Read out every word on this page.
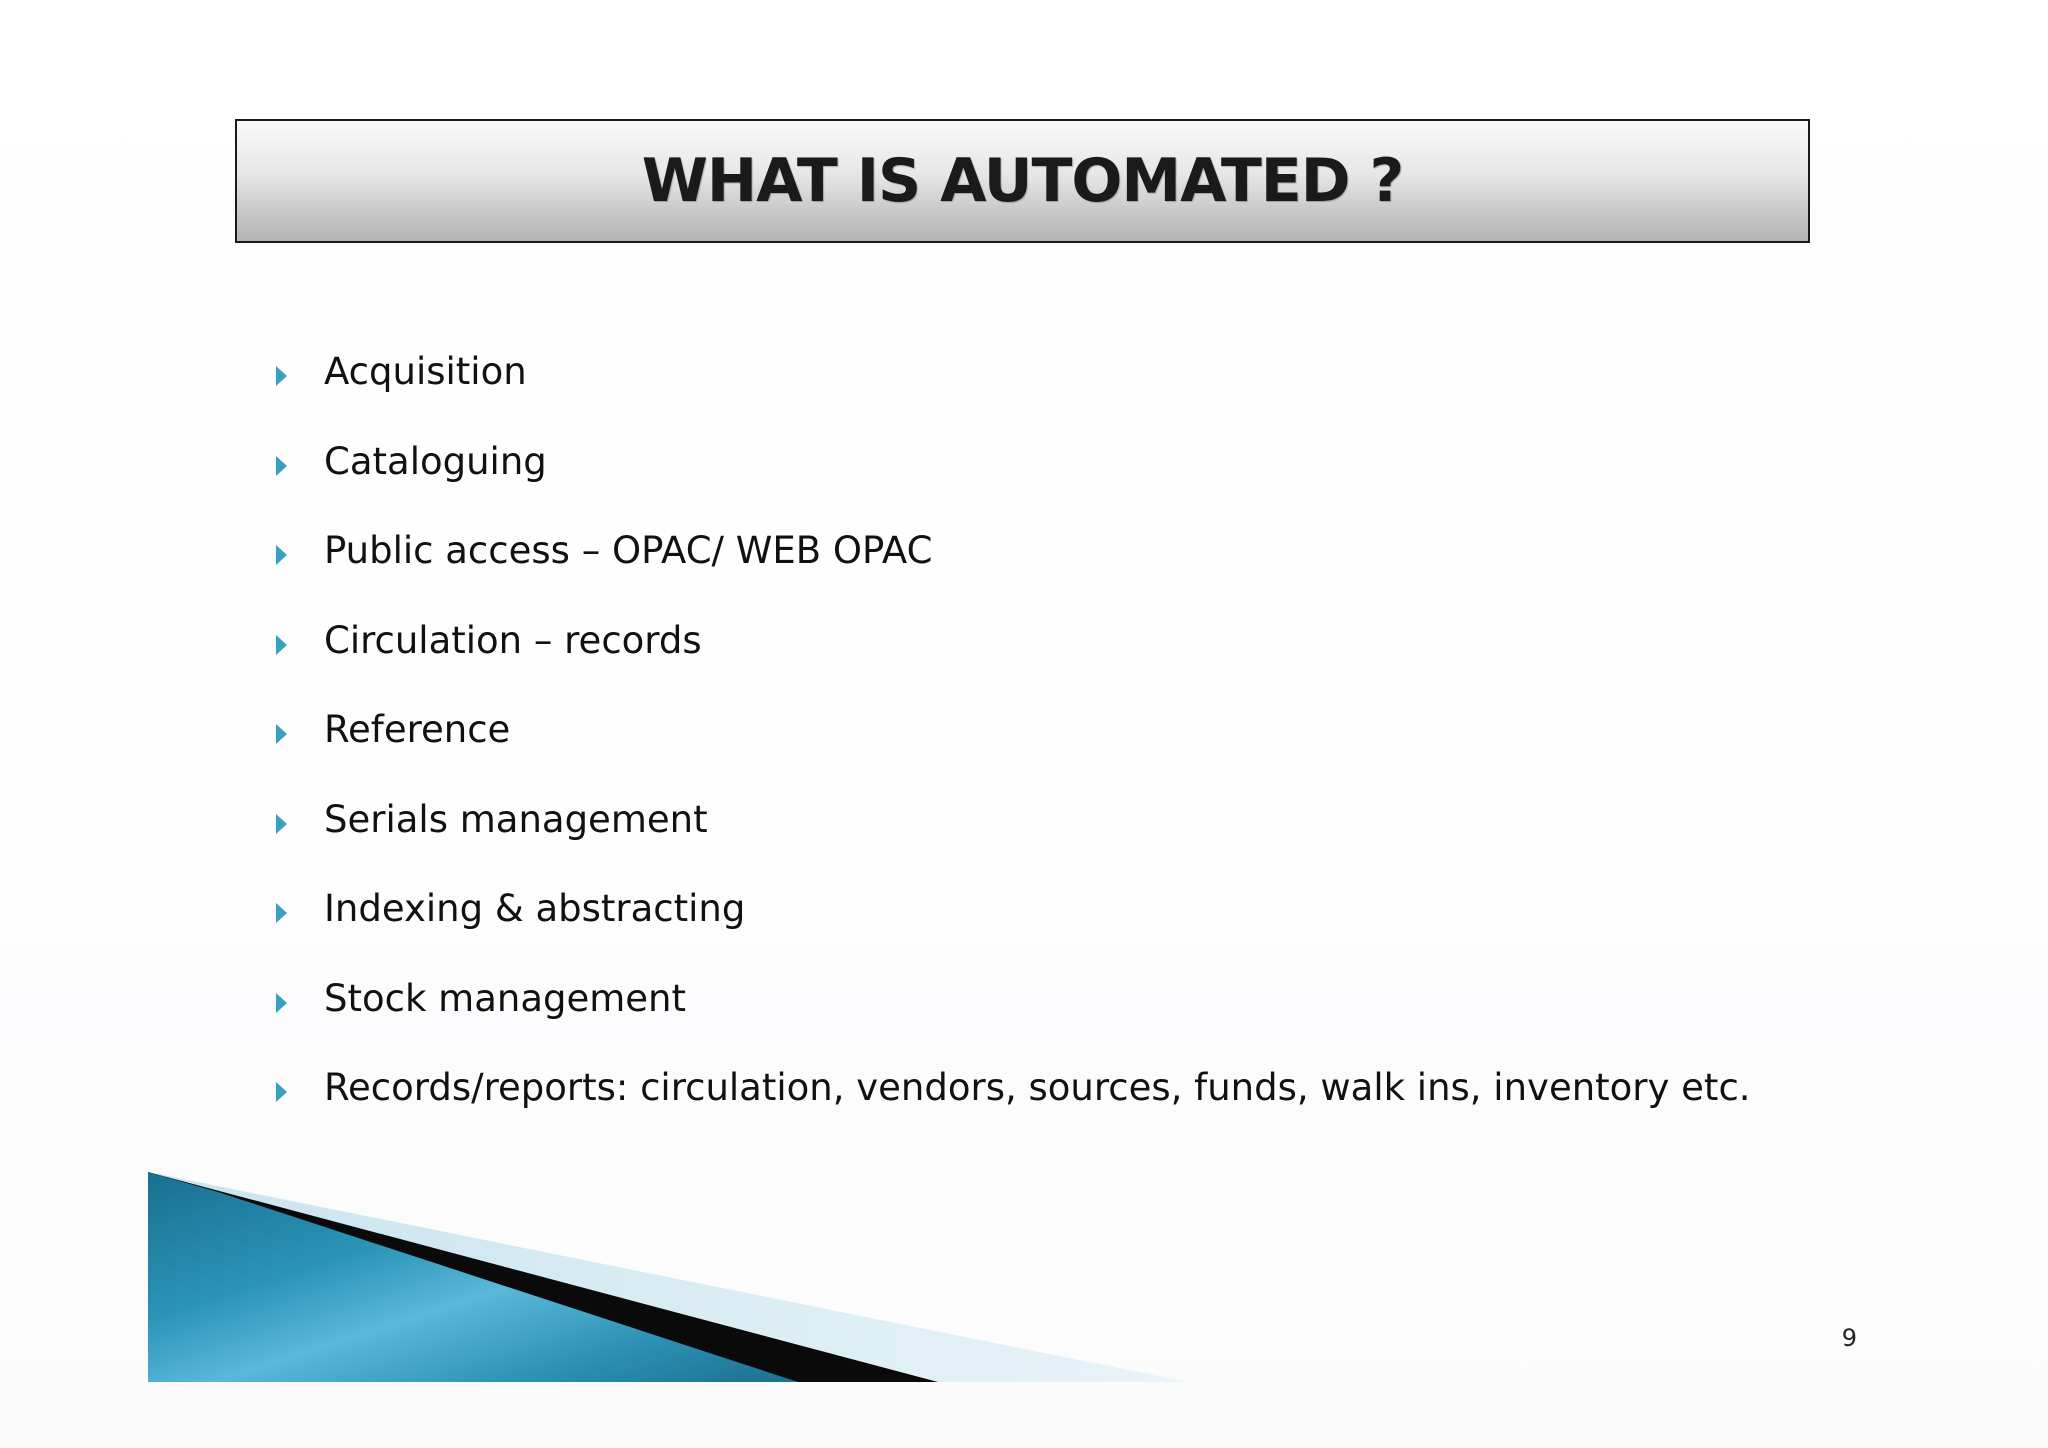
WHAT IS AUTOMATED ?
Acquisition
Cataloguing
Public access – OPAC/ WEB OPAC
Circulation – records
Reference
Serials management
Indexing & abstracting
Stock management
Records/reports: circulation, vendors, sources, funds, walk ins, inventory etc.
9
